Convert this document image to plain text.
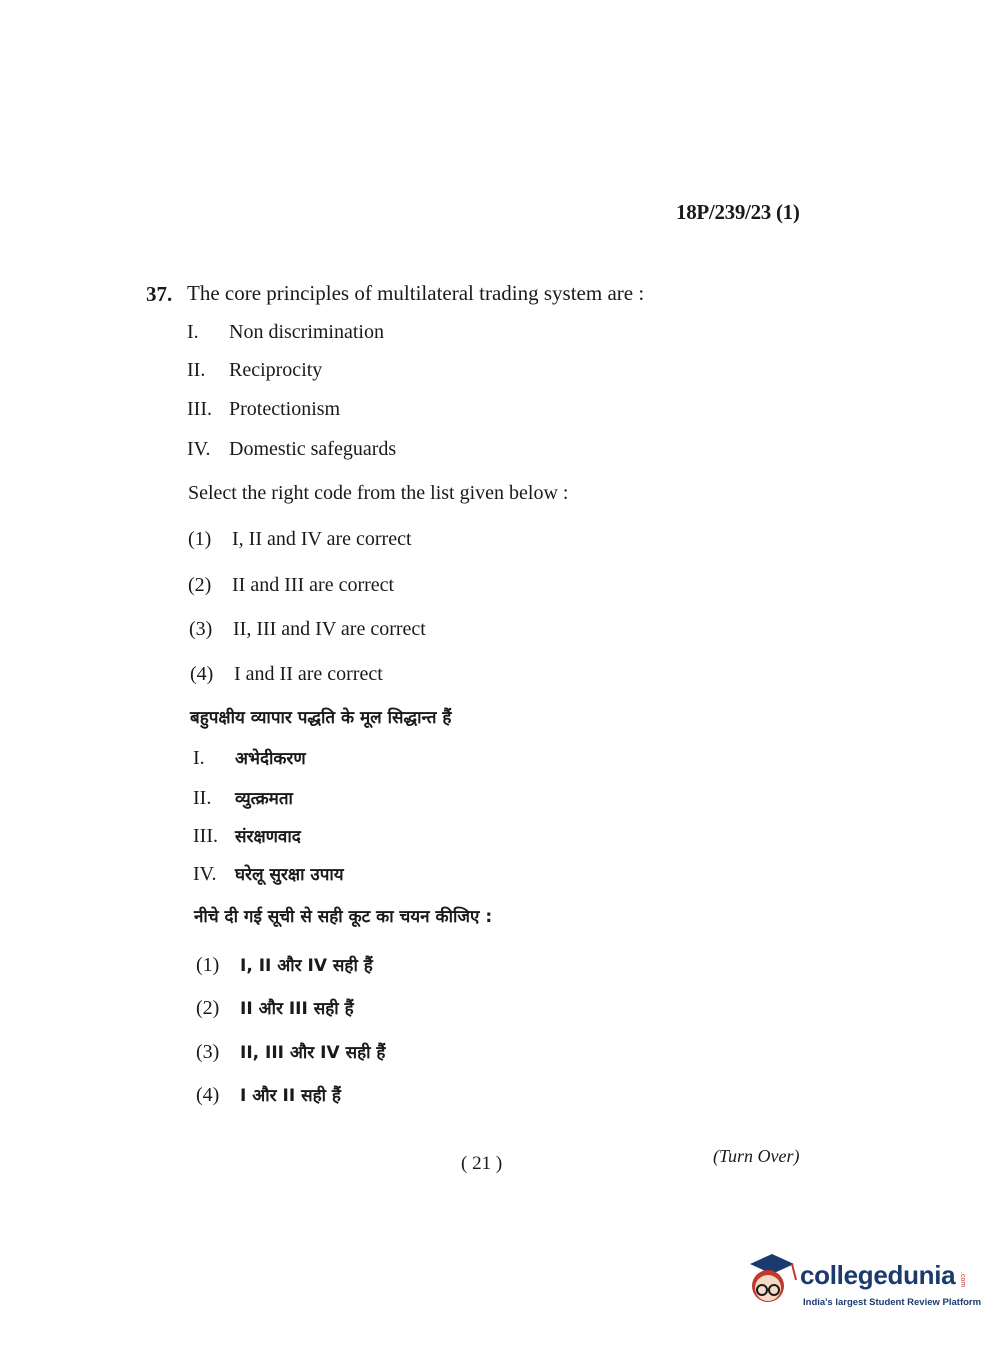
18P/239/23 (1)
37. The core principles of multilateral trading system are :
I. Non discrimination
II. Reciprocity
III. Protectionism
IV. Domestic safeguards
Select the right code from the list given below :
(1) I, II and IV are correct
(2) II and III are correct
(3) II, III and IV are correct
(4) I and II are correct
बहुपक्षीय व्यापार पद्धति के मूल सिद्धान्त हैं
I. अभेदीकरण
II. व्युत्क्रमता
III. संरक्षणवाद
IV. घरेलू सुरक्षा उपाय
नीचे दी गई सूची से सही कूट का चयन कीजिए :
(1) I, II और IV सही हैं
(2) II और III सही हैं
(3) II, III और IV सही हैं
(4) I और II सही हैं
( 21 )	(Turn Over)
collegedunia .com
India's largest Student Review Platform
